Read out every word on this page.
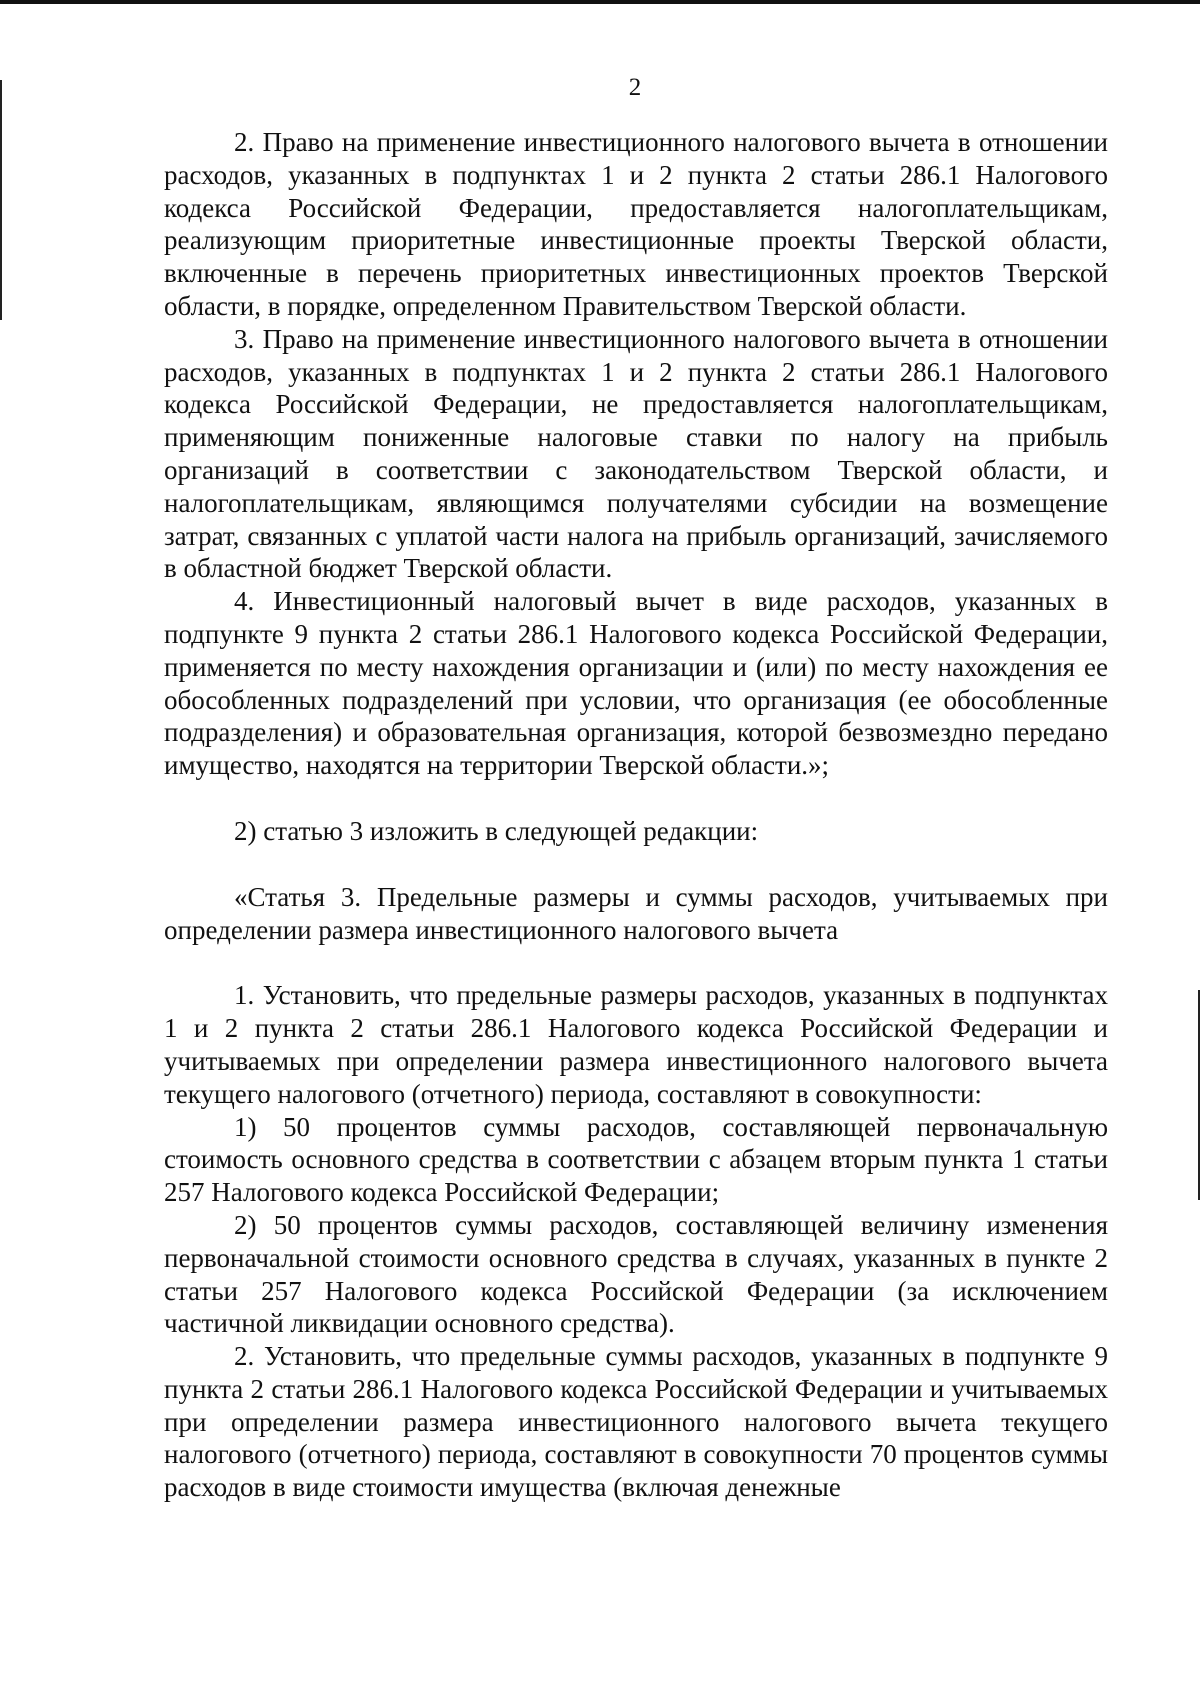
2

2. Право на применение инвестиционного налогового вычета в отношении расходов, указанных в подпунктах 1 и 2 пункта 2 статьи 286.1 Налогового кодекса Российской Федерации, предоставляется налогоплательщикам, реализующим приоритетные инвестиционные проекты Тверской области, включенные в перечень приоритетных инвестиционных проектов Тверской области, в порядке, определенном Правительством Тверской области.

3. Право на применение инвестиционного налогового вычета в отношении расходов, указанных в подпунктах 1 и 2 пункта 2 статьи 286.1 Налогового кодекса Российской Федерации, не предоставляется налогоплательщикам, применяющим пониженные налоговые ставки по налогу на прибыль организаций в соответствии с законодательством Тверской области, и налогоплательщикам, являющимся получателями субсидии на возмещение затрат, связанных с уплатой части налога на прибыль организаций, зачисляемого в областной бюджет Тверской области.

4. Инвестиционный налоговый вычет в виде расходов, указанных в подпункте 9 пункта 2 статьи 286.1 Налогового кодекса Российской Федерации, применяется по месту нахождения организации и (или) по месту нахождения ее обособленных подразделений при условии, что организация (ее обособленные подразделения) и образовательная организация, которой безвозмездно передано имущество, находятся на территории Тверской области.»;

2) статью 3 изложить в следующей редакции:

«Статья 3. Предельные размеры и суммы расходов, учитываемых при определении размера инвестиционного налогового вычета

1. Установить, что предельные размеры расходов, указанных в подпунктах 1 и 2 пункта 2 статьи 286.1 Налогового кодекса Российской Федерации и учитываемых при определении размера инвестиционного налогового вычета текущего налогового (отчетного) периода, составляют в совокупности:

1) 50 процентов суммы расходов, составляющей первоначальную стоимость основного средства в соответствии с абзацем вторым пункта 1 статьи 257 Налогового кодекса Российской Федерации;

2) 50 процентов суммы расходов, составляющей величину изменения первоначальной стоимости основного средства в случаях, указанных в пункте 2 статьи 257 Налогового кодекса Российской Федерации (за исключением частичной ликвидации основного средства).

2. Установить, что предельные суммы расходов, указанных в подпункте 9 пункта 2 статьи 286.1 Налогового кодекса Российской Федерации и учитываемых при определении размера инвестиционного налогового вычета текущего налогового (отчетного) периода, составляют в совокупности 70 процентов суммы расходов в виде стоимости имущества (включая денежные
